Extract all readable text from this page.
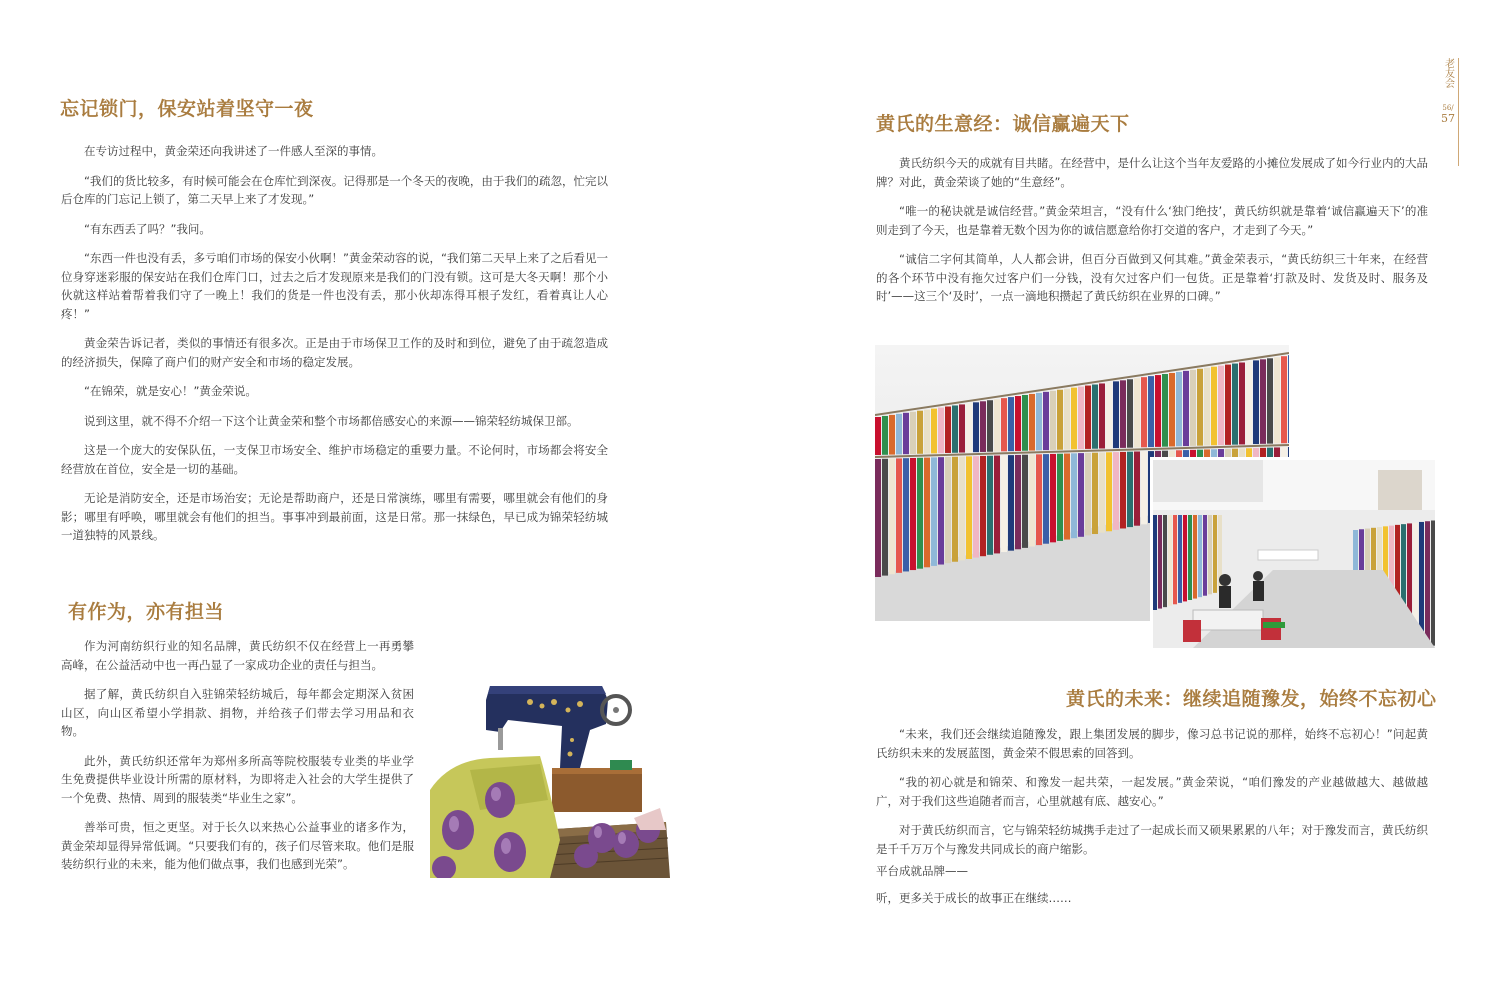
老友会
56/
57
忘记锁门，保安站着坚守一夜

在专访过程中，黄金荣还向我讲述了一件感人至深的事情。

“我们的货比较多，有时候可能会在仓库忙到深夜。记得那是一个冬天的夜晚，由于我们的疏忽，忙完以后仓库的门忘记上锁了，第二天早上来了才发现。”

“有东西丢了吗？”我问。

“东西一件也没有丢，多亏咱们市场的保安小伙啊！”黄金荣动容的说，“我们第二天早上来了之后看见一位身穿迷彩服的保安站在我们仓库门口，过去之后才发现原来是我们的门没有锁。这可是大冬天啊！那个小伙就这样站着帮着我们守了一晚上！我们的货是一件也没有丢，那小伙却冻得耳根子发红，看着真让人心疼！”

黄金荣告诉记者，类似的事情还有很多次。正是由于市场保卫工作的及时和到位，避免了由于疏忽造成的经济损失，保障了商户们的财产安全和市场的稳定发展。

“在锦荣，就是安心！”黄金荣说。

说到这里，就不得不介绍一下这个让黄金荣和整个市场都倍感安心的来源——锦荣轻纺城保卫部。

这是一个庞大的安保队伍，一支保卫市场安全、维护市场稳定的重要力量。不论何时，市场都会将安全经营放在首位，安全是一切的基础。

无论是消防安全，还是市场治安；无论是帮助商户，还是日常演练，哪里有需要，哪里就会有他们的身影；哪里有呼唤，哪里就会有他们的担当。事事冲到最前面，这是日常。那一抹绿色，早已成为锦荣轻纺城一道独特的风景线。

有作为，亦有担当

作为河南纺织行业的知名品牌，黄氏纺织不仅在经营上一再勇攀高峰，在公益活动中也一再凸显了一家成功企业的责任与担当。

据了解，黄氏纺织自入驻锦荣轻纺城后，每年都会定期深入贫困山区，向山区希望小学捐款、捐物，并给孩子们带去学习用品和衣物。

此外，黄氏纺织还常年为郑州多所高等院校服装专业类的毕业学生免费提供毕业设计所需的原材料，为即将走入社会的大学生提供了一个免费、热情、周到的服装类“毕业生之家”。

善举可贵，恒之更坚。对于长久以来热心公益事业的诸多作为，黄金荣却显得异常低调。“只要我们有的，孩子们尽管来取。他们是服装纺织行业的未来，能为他们做点事，我们也感到光荣”。

黄氏的生意经：诚信赢遍天下

黄氏纺织今天的成就有目共睹。在经营中，是什么让这个当年友爱路的小摊位发展成了如今行业内的大品牌？对此，黄金荣谈了她的“生意经”。

“唯一的秘诀就是诚信经营。”黄金荣坦言，“没有什么‘独门绝技’，黄氏纺织就是靠着‘诚信赢遍天下’的准则走到了今天，也是靠着无数个因为你的诚信愿意给你打交道的客户，才走到了今天。”

“诚信二字何其简单，人人都会讲，但百分百做到又何其难。”黄金荣表示，“黄氏纺织三十年来，在经营的各个环节中没有拖欠过客户们一分钱，没有欠过客户们一包货。正是靠着‘打款及时、发货及时、服务及时’——这三个‘及时’，一点一滴地积攒起了黄氏纺织在业界的口碑。”

黄氏的未来：继续追随豫发，始终不忘初心

“未来，我们还会继续追随豫发，跟上集团发展的脚步，像习总书记说的那样，始终不忘初心！”问起黄氏纺织未来的发展蓝图，黄金荣不假思索的回答到。

“我的初心就是和锦荣、和豫发一起共荣，一起发展。”黄金荣说，“咱们豫发的产业越做越大、越做越广，对于我们这些追随者而言，心里就越有底、越安心。”

对于黄氏纺织而言，它与锦荣轻纺城携手走过了一起成长而又硕果累累的八年；对于豫发而言，黄氏纺织是千千万万个与豫发共同成长的商户缩影。

平台成就品牌——

听，更多关于成长的故事正在继续……
